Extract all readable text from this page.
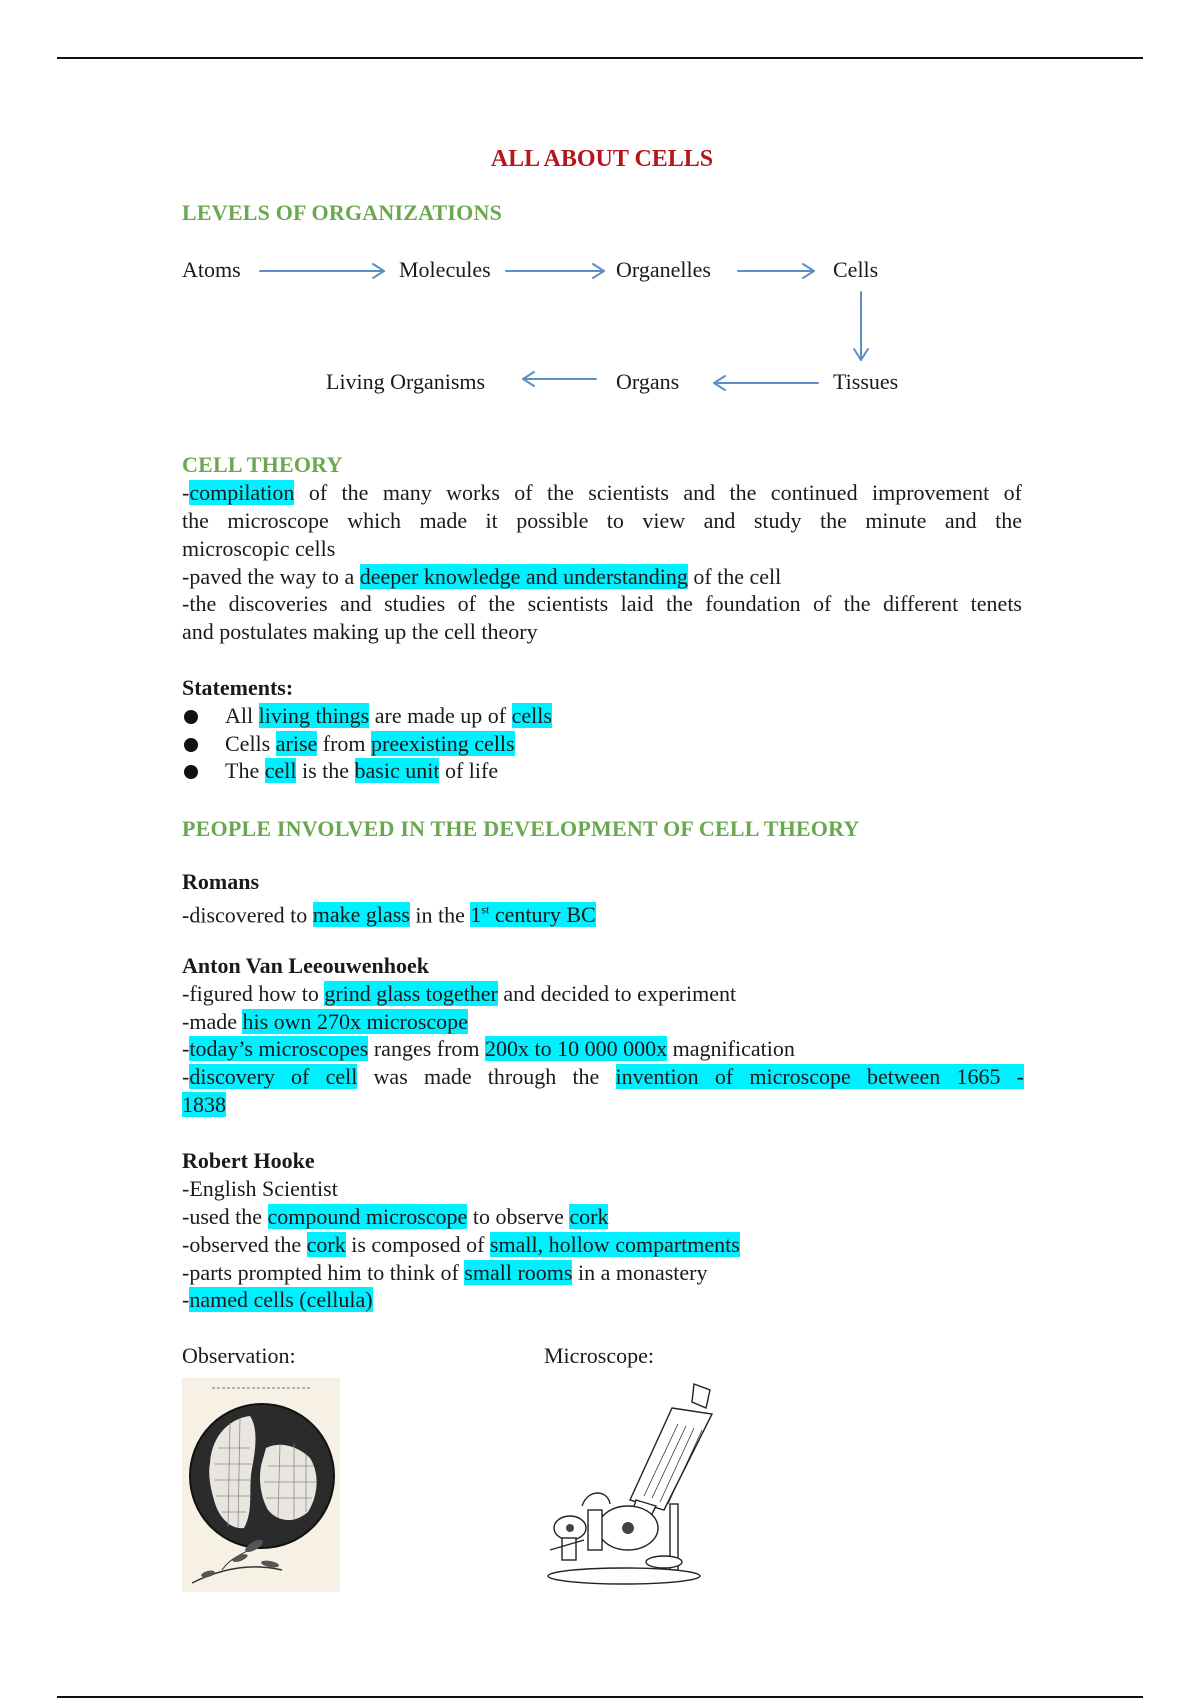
ALL ABOUT CELLS
LEVELS OF ORGANIZATIONS

Atoms	Molecules	Organelles	Cells

Tissues

Organs

Living Organisms

CELL THEORY

-compilation of the many works of the scientists and the continued improvement of

the microscope which made it possible to view and study the minute and the

microscopic cells

-paved the way to a deeper knowledge and understanding of the cell

-the discoveries and studies of the scientists laid the foundation of the different tenets

and postulates making up the cell theory

Statements:

All living things are made up of cells

Cells arise from preexisting cells

The cell is the basic unit of life

PEOPLE INVOLVED IN THE DEVELOPMENT OF CELL THEORY

Romans

-discovered to make glass in the 1st century BC

Anton Van Leeouwenhoek

-figured how to grind glass together and decided to experiment

-made his own 270x microscope

-today’s microscopes ranges from 200x to 10 000 000x magnification

-discovery of cell was made through the invention of microscope between 1665 -

1838

Robert Hooke

-English Scientist

-used the compound microscope to observe cork

-observed the cork is composed of small, hollow compartments

-parts prompted him to think of small rooms in a monastery

-named cells (cellula)

Observation:	Microscope:
